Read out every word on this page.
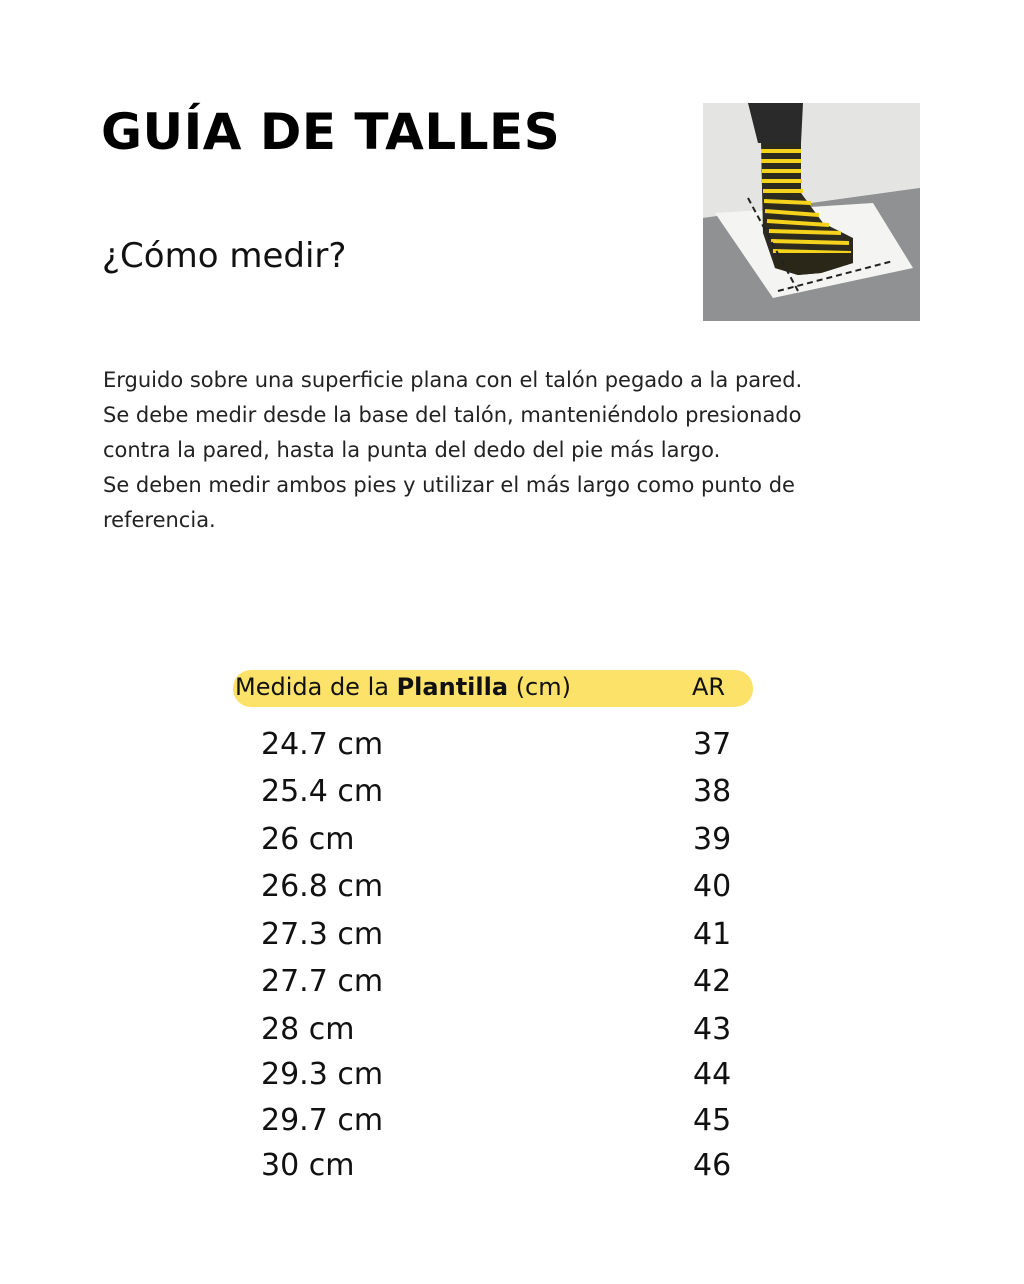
GUÍA DE TALLES
¿Cómo medir?

Erguido sobre una superficie plana con el talón pegado a la pared.

Se debe medir desde la base del talón, manteniéndolo presionado contra la pared, hasta la punta del dedo del pie más largo.

Se deben medir ambos pies y utilizar el más largo como punto de referencia.

Medida de la Plantilla (cm)	AR
24.7 cm	37
25.4 cm	38
26 cm	39
26.8 cm	40
27.3 cm	41
27.7 cm	42
28 cm	43
29.3 cm	44
29.7 cm	45
30 cm	46
